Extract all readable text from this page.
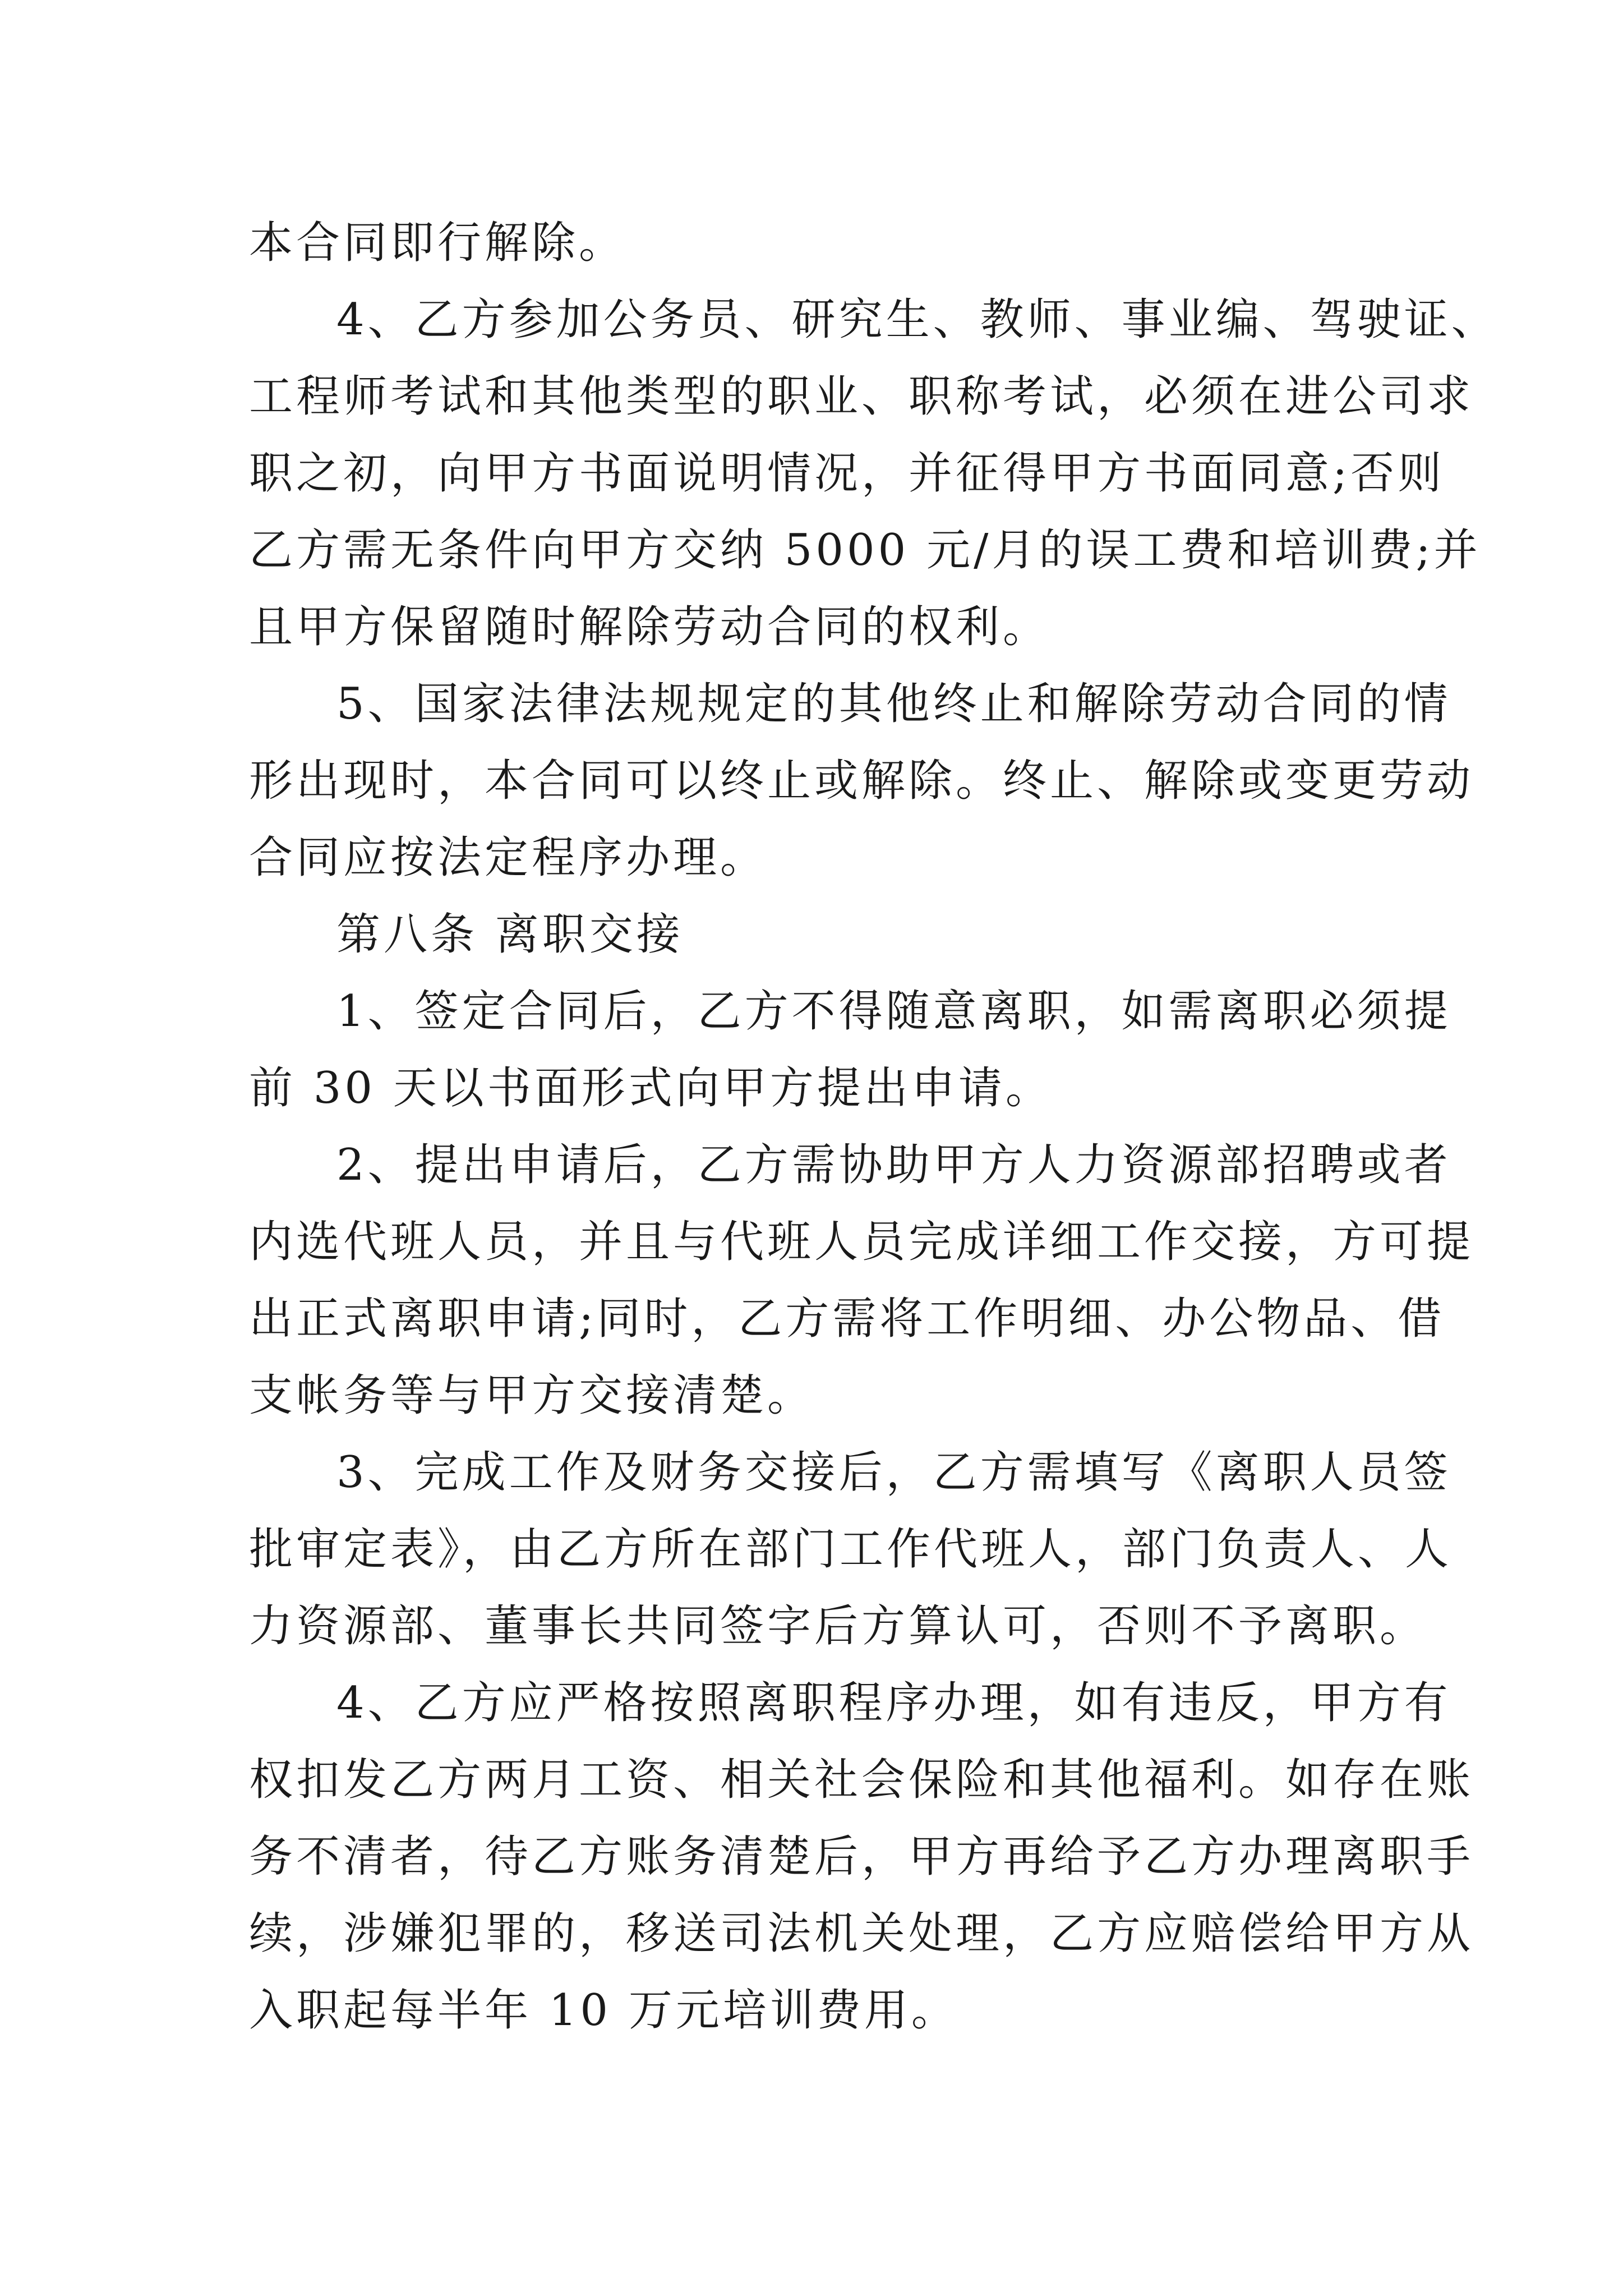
本合同即行解除。
4、乙方参加公务员、研究生、教师、事业编、驾驶证、
工程师考试和其他类型的职业、职称考试，必须在进公司求
职之初，向甲方书面说明情况，并征得甲方书面同意;否则
乙方需无条件向甲方交纳 5000 元/月的误工费和培训费;并
且甲方保留随时解除劳动合同的权利。
5、国家法律法规规定的其他终止和解除劳动合同的情
形出现时，本合同可以终止或解除。终止、解除或变更劳动
合同应按法定程序办理。
第八条 离职交接
1、签定合同后，乙方不得随意离职，如需离职必须提
前 30 天以书面形式向甲方提出申请。
2、提出申请后，乙方需协助甲方人力资源部招聘或者
内选代班人员，并且与代班人员完成详细工作交接，方可提
出正式离职申请;同时，乙方需将工作明细、办公物品、借
支帐务等与甲方交接清楚。
3、完成工作及财务交接后，乙方需填写《离职人员签
批审定表》，由乙方所在部门工作代班人，部门负责人、人
力资源部、董事长共同签字后方算认可，否则不予离职。
4、乙方应严格按照离职程序办理，如有违反，甲方有
权扣发乙方两月工资、相关社会保险和其他福利。如存在账
务不清者，待乙方账务清楚后，甲方再给予乙方办理离职手
续，涉嫌犯罪的，移送司法机关处理，乙方应赔偿给甲方从
入职起每半年 10 万元培训费用。
